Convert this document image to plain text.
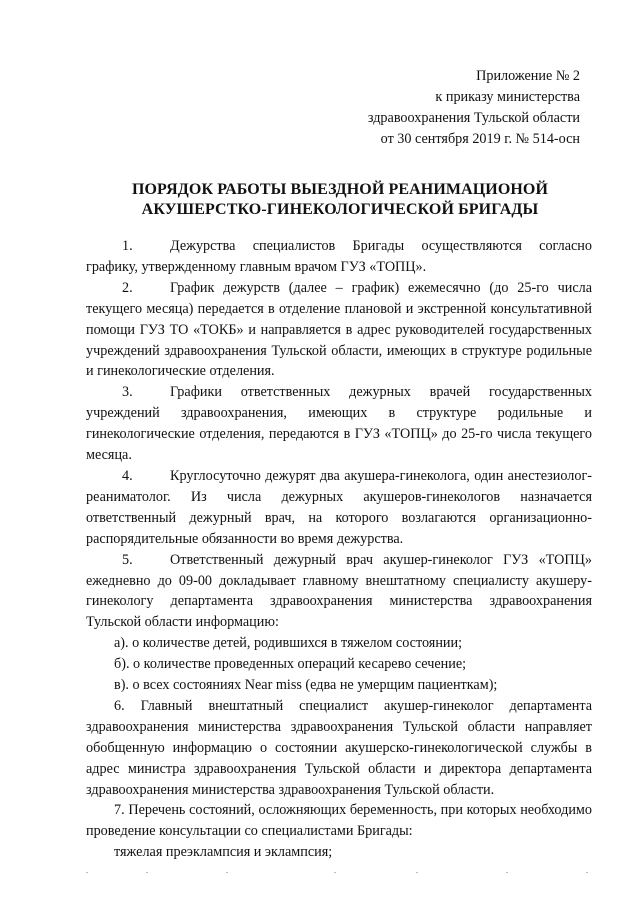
Приложение № 2
к приказу министерства
здравоохранения Тульской области
от 30 сентября 2019 г. № 514-осн
ПОРЯДОК РАБОТЫ ВЫЕЗДНОЙ РЕАНИМАЦИОНОЙ
АКУШЕРСТКО-ГИНЕКОЛОГИЧЕСКОЙ БРИГАДЫ

1.	Дежурства специалистов Бригады осуществляются согласно графику, утвержденному главным врачом ГУЗ «ТОПЦ».

2.	График дежурств (далее – график) ежемесячно (до 25-го числа текущего месяца) передается в отделение плановой и экстренной консультативной помощи ГУЗ ТО «ТОКБ» и направляется в адрес руководителей государственных учреждений здравоохранения Тульской области, имеющих в структуре родильные и гинекологические отделения.

3.	Графики ответственных дежурных врачей государственных учреждений здравоохранения, имеющих в структуре родильные и гинекологические отделения, передаются в ГУЗ «ТОПЦ» до 25-го числа текущего месяца.

4.	Круглосуточно дежурят два акушера-гинеколога, один анестезиолог-реаниматолог. Из числа дежурных акушеров-гинекологов назначается ответственный дежурный врач, на которого возлагаются организационно-распорядительные обязанности во время дежурства.

5.	Ответственный дежурный врач акушер-гинеколог ГУЗ «ТОПЦ» ежедневно до 09-00 докладывает главному внештатному специалисту акушеру-гинекологу департамента здравоохранения министерства здравоохранения Тульской области информацию:

а). о количестве детей, родившихся в тяжелом состоянии;

б). о количестве проведенных операций кесарево сечение;

в). о всех состояниях Near miss (едва не умерщим пациенткам);

6. Главный внештатный специалист акушер-гинеколог департамента здравоохранения министерства здравоохранения Тульской области направляет обобщенную информацию о состоянии акушерско-гинекологической службы в адрес министра здравоохранения Тульской области и директора департамента здравоохранения министерства здравоохранения Тульской области.

7. Перечень состояний, осложняющих беременность, при которых необходимо проведение консультации со специалистами Бригады:

тяжелая преэклампсия и эклампсия;
